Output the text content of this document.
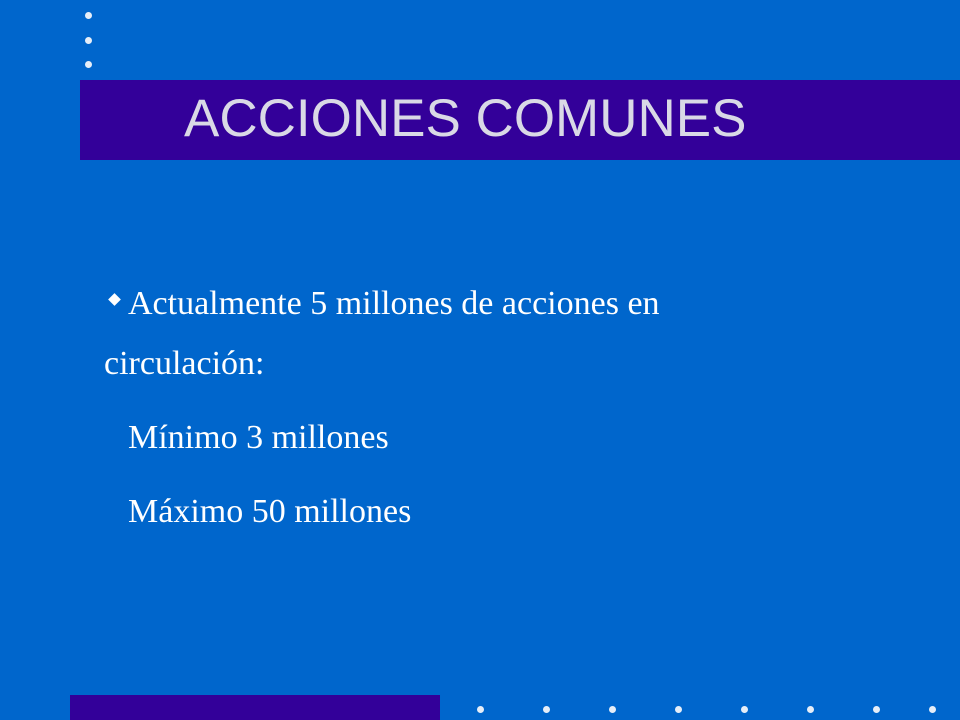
ACCIONES COMUNES
Actualmente 5 millones de acciones en
circulación:
Mínimo 3 millones
Máximo 50 millones
